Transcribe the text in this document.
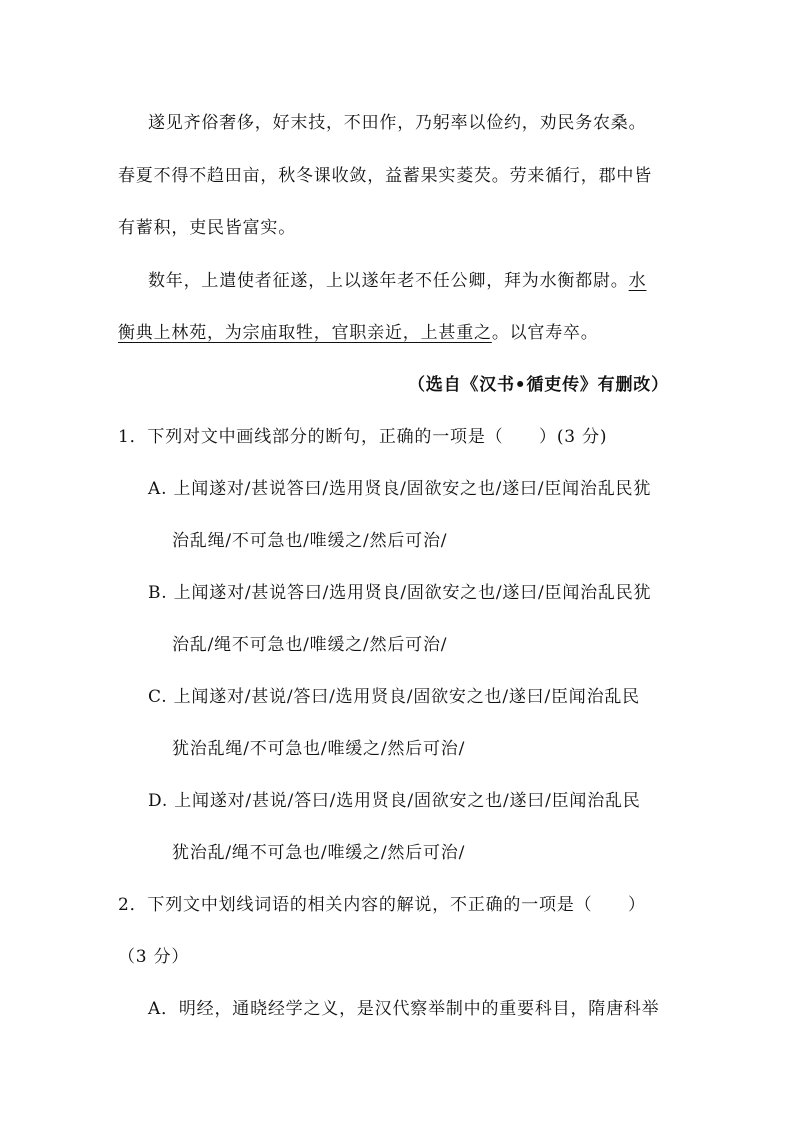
遂见齐俗奢侈，好末技，不田作，乃躬率以俭约，劝民务农桑。
春夏不得不趋田亩，秋冬课收敛，益蓄果实菱芡。劳来循行，郡中皆
有蓄积，吏民皆富实。
数年，上遣使者征遂，上以遂年老不任公卿，拜为水衡都尉。水
衡典上林苑，为宗庙取牲，官职亲近，上甚重之。以官寿卒。
（选自《汉书•循吏传》有删改）
1．下列对文中画线部分的断句，正确的一项是（　　）(3 分)
A. 上闻遂对/甚说答曰/选用贤良/固欲安之也/遂曰/臣闻治乱民犹
治乱绳/不可急也/唯缓之/然后可治/
B. 上闻遂对/甚说答曰/选用贤良/固欲安之也/遂曰/臣闻治乱民犹
治乱/绳不可急也/唯缓之/然后可治/
C. 上闻遂对/甚说/答曰/选用贤良/固欲安之也/遂曰/臣闻治乱民
犹治乱绳/不可急也/唯缓之/然后可治/
D. 上闻遂对/甚说/答曰/选用贤良/固欲安之也/遂曰/臣闻治乱民
犹治乱/绳不可急也/唯缓之/然后可治/
2．下列文中划线词语的相关内容的解说，不正确的一项是（　　）
（3 分）
A．明经，通晓经学之义，是汉代察举制中的重要科目，隋唐科举
